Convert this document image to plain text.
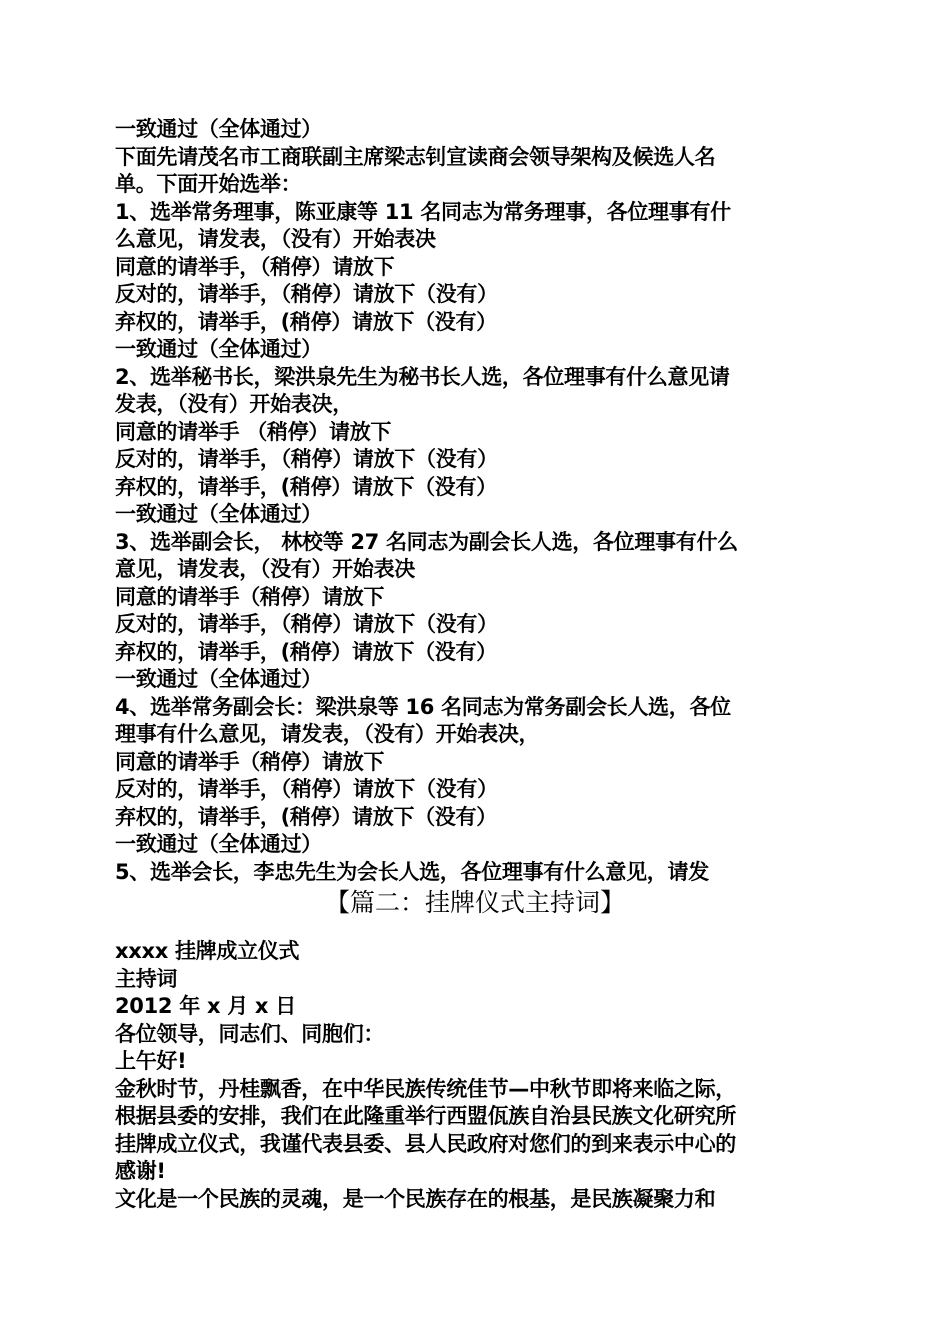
一致通过（全体通过）
下面先请茂名市工商联副主席梁志钊宣读商会领导架构及候选人名
单。下面开始选举：
1、选举常务理事，陈亚康等 11 名同志为常务理事，各位理事有什
么意见，请发表，（没有）开始表决
同意的请举手，（稍停）请放下
反对的，请举手，（稍停）请放下（没有）
弃权的，请举手，(稍停）请放下（没有）
一致通过（全体通过）
2、选举秘书长，梁洪泉先生为秘书长人选，各位理事有什么意见请
发表，（没有）开始表决，
同意的请举手 （稍停）请放下
反对的，请举手，（稍停）请放下（没有）
弃权的，请举手，(稍停）请放下（没有）
一致通过（全体通过）
3、选举副会长， 林校等 27 名同志为副会长人选，各位理事有什么
意见，请发表，（没有）开始表决
同意的请举手（稍停）请放下
反对的，请举手，（稍停）请放下（没有）
弃权的，请举手，(稍停）请放下（没有）
一致通过（全体通过）
4、选举常务副会长：梁洪泉等 16 名同志为常务副会长人选，各位
理事有什么意见，请发表，（没有）开始表决，
同意的请举手（稍停）请放下
反对的，请举手，（稍停）请放下（没有）
弃权的，请举手，(稍停）请放下（没有）
一致通过（全体通过）
5、选举会长，李忠先生为会长人选，各位理事有什么意见，请发
【篇二：挂牌仪式主持词】
xxxx 挂牌成立仪式
主持词
2012 年 x 月 x 日
各位领导，同志们、同胞们：
上午好!
金秋时节，丹桂飘香，在中华民族传统佳节—中秋节即将来临之际，
根据县委的安排，我们在此隆重举行西盟佤族自治县民族文化研究所
挂牌成立仪式，我谨代表县委、县人民政府对您们的到来表示中心的
感谢!
文化是一个民族的灵魂，是一个民族存在的根基，是民族凝聚力和
